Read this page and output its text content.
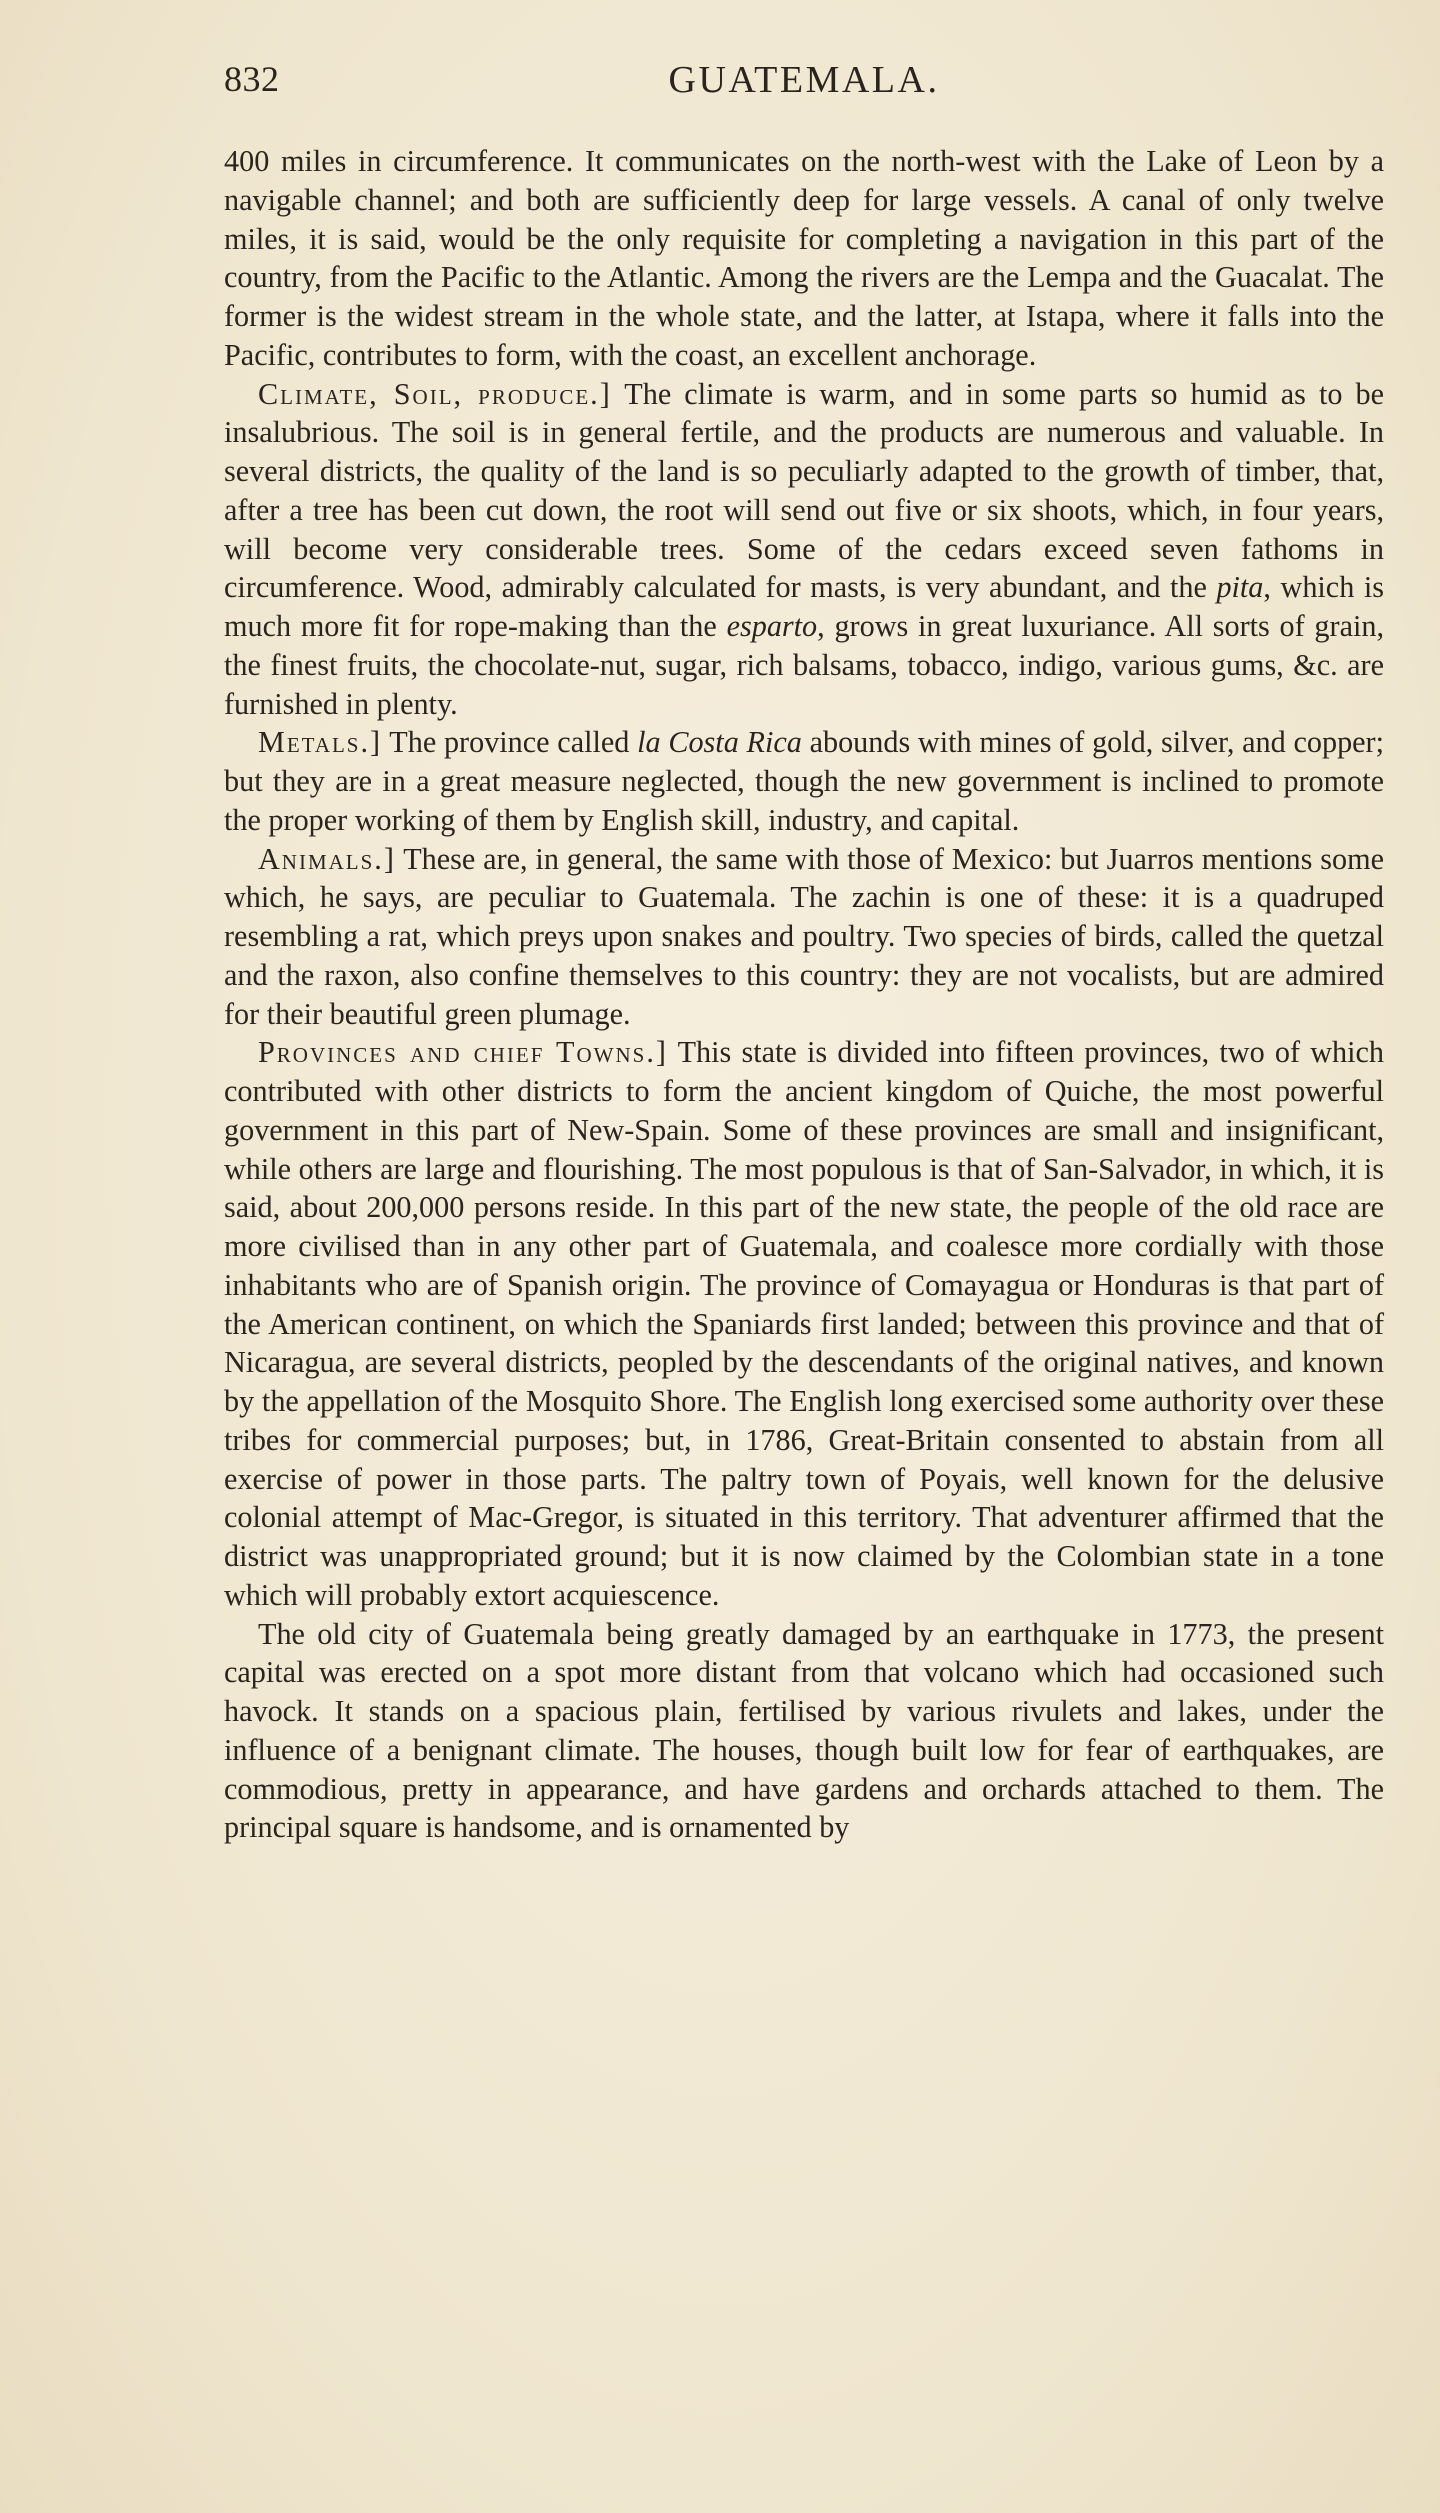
832	GUATEMALA.

400 miles in circumference. It communicates on the north-west with the Lake of Leon by a navigable channel; and both are sufficiently deep for large vessels. A canal of only twelve miles, it is said, would be the only requisite for completing a navigation in this part of the country, from the Pacific to the Atlantic. Among the rivers are the Lempa and the Guacalat. The former is the widest stream in the whole state, and the latter, at Istapa, where it falls into the Pacific, contributes to form, with the coast, an excellent anchorage.

Climate, Soil, produce.] The climate is warm, and in some parts so humid as to be insalubrious. The soil is in general fertile, and the products are numerous and valuable. In several districts, the quality of the land is so peculiarly adapted to the growth of timber, that, after a tree has been cut down, the root will send out five or six shoots, which, in four years, will become very considerable trees. Some of the cedars exceed seven fathoms in circumference. Wood, admirably calculated for masts, is very abundant, and the pita, which is much more fit for rope-making than the esparto, grows in great luxuriance. All sorts of grain, the finest fruits, the chocolate-nut, sugar, rich balsams, tobacco, indigo, various gums, &c. are furnished in plenty.

Metals.] The province called la Costa Rica abounds with mines of gold, silver, and copper; but they are in a great measure neglected, though the new government is inclined to promote the proper working of them by English skill, industry, and capital.

Animals.] These are, in general, the same with those of Mexico: but Juarros mentions some which, he says, are peculiar to Guatemala. The zachin is one of these: it is a quadruped resembling a rat, which preys upon snakes and poultry. Two species of birds, called the quetzal and the raxon, also confine themselves to this country: they are not vocalists, but are admired for their beautiful green plumage.

Provinces and chief Towns.] This state is divided into fifteen provinces, two of which contributed with other districts to form the ancient kingdom of Quiche, the most powerful government in this part of New-Spain. Some of these provinces are small and insignificant, while others are large and flourishing. The most populous is that of San-Salvador, in which, it is said, about 200,000 persons reside. In this part of the new state, the people of the old race are more civilised than in any other part of Guatemala, and coalesce more cordially with those inhabitants who are of Spanish origin. The province of Comayagua or Honduras is that part of the American continent, on which the Spaniards first landed; between this province and that of Nicaragua, are several districts, peopled by the descendants of the original natives, and known by the appellation of the Mosquito Shore. The English long exercised some authority over these tribes for commercial purposes; but, in 1786, Great-Britain consented to abstain from all exercise of power in those parts. The paltry town of Poyais, well known for the delusive colonial attempt of Mac-Gregor, is situated in this territory. That adventurer affirmed that the district was unappropriated ground; but it is now claimed by the Colombian state in a tone which will probably extort acquiescence.

The old city of Guatemala being greatly damaged by an earthquake in 1773, the present capital was erected on a spot more distant from that volcano which had occasioned such havock. It stands on a spacious plain, fertilised by various rivulets and lakes, under the influence of a benignant climate. The houses, though built low for fear of earthquakes, are commodious, pretty in appearance, and have gardens and orchards attached to them. The principal square is handsome, and is ornamented by
